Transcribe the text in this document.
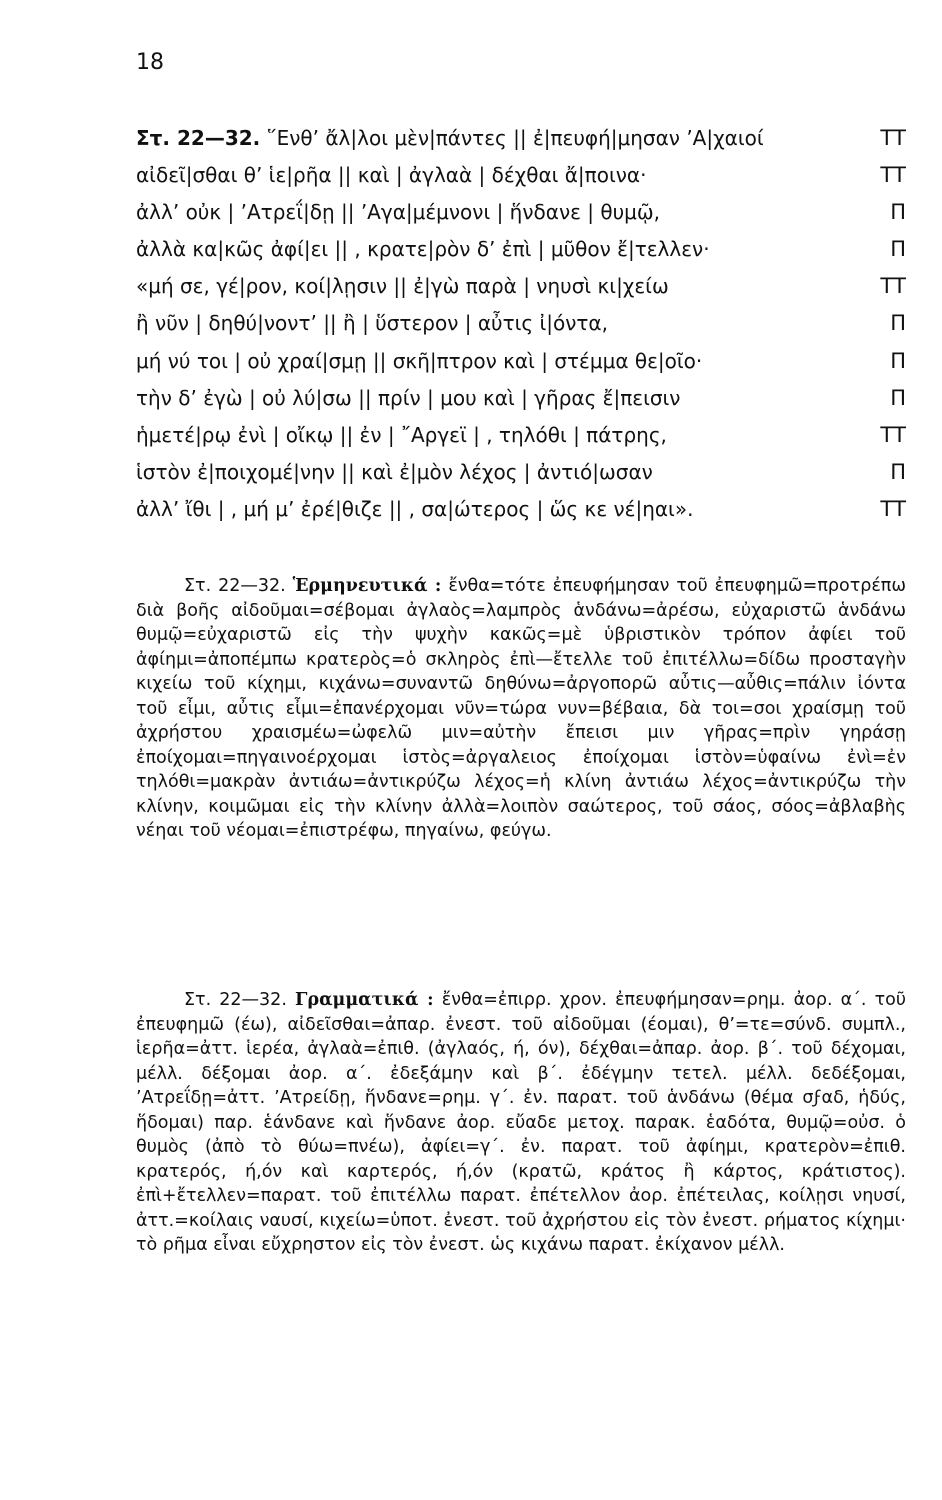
18
Στ. 22—32. ῞Ενθ’ ἄλ|λοι μὲν|πάντες || ἐ|πευφή|μησαν ’Α|χαιοί	ΤΤ
αἰδεῖ|σθαι θ’ ἱε|ρῆα || καὶ | ἀγλαὰ | δέχθαι ἄ|ποινα·	ΤΤ
ἀλλ’ οὐκ | ’Ατρεΐ|δῃ || ’Αγα|μέμνονι | ἥνδανε | θυμῷ,	Π
ἀλλὰ κα|κῶς ἀφί|ει || , κρατε|ρὸν δ’ ἐπὶ | μῦθον ἔ|τελλεν·	Π
«μή σε, γέ|ρον, κοί|λῃσιν || ἐ|γὼ παρὰ | νηυσὶ κι|χείω	ΤΤ
ἢ νῦν | δηθύ|νοντ’ || ἢ | ὕστερον | αὖτις ἰ|όντα,	Π
μή νύ τοι | οὐ χραί|σμῃ || σκῆ|πτρον καὶ | στέμμα θε|οῖο·	Π
τὴν δ’ ἐγὼ | οὐ λύ|σω || πρίν | μου καὶ | γῆρας ἔ|πεισιν	Π
ἡμετέ|ρῳ ἐνὶ | οἴκῳ || ἐν | ῎Αργεϊ | , τηλόθι | πάτρης,	ΤΤ
ἱστὸν ἐ|ποιχομέ|νην || καὶ ἐ|μὸν λέχος | ἀντιό|ωσαν	Π
ἀλλ’ ἴθι | , μή μ’ ἐρέ|θιζε || , σα|ώτερος | ὥς κε νέ|ηαι».	ΤΤ

Στ. 22—32. Ἑρμηνευτικά : ἔνθα=τότε ἐπευφήμησαν τοῦ ἐπευφημῶ=προτρέπω διὰ βοῆς αἰδοῦμαι=σέβομαι ἀγλαὸς=λαμπρὸς ἁνδάνω=ἀρέσω, εὐχαριστῶ ἁνδάνω θυμῷ=εὐχαριστῶ εἰς τὴν ψυχὴν κακῶς=μὲ ὑβριστικὸν τρόπον ἀφίει τοῦ ἀφίημι=ἀποπέμπω κρατερὸς=ὁ σκληρὸς ἐπὶ—ἔτελλε τοῦ ἐπιτέλλω=δίδω προσταγὴν κιχείω τοῦ κίχημι, κιχάνω=συναντῶ δηθύνω=ἀργοπορῶ αὖτις—αὖθις=πάλιν ἰόντα τοῦ εἶμι, αὖτις εἶμι=ἐπανέρχομαι νῦν=τώρα νυν=βέβαια, δὰ τοι=σοι χραίσμῃ τοῦ ἀχρήστου χραισμέω=ὠφελῶ μιν=αὐτὴν ἔπεισι μιν γῆρας=πρὶν γηράσῃ ἐποίχομαι=πηγαινοέρχομαι ἱστὸς=ἀργαλειος ἐποίχομαι ἱστὸν=ὑφαίνω ἐνὶ=ἐν τηλόθι=μακρὰν ἀντιάω=ἀντικρύζω λέχος=ἡ κλίνη ἀντιάω λέχος=ἀντικρύζω τὴν κλίνην, κοιμῶμαι εἰς τὴν κλίνην ἀλλὰ=λοιπὸν σαώτερος, τοῦ σάος, σόος=ἀβλαβὴς νέηαι τοῦ νέομαι=ἐπιστρέφω, πηγαίνω, φεύγω.

Στ. 22—32. Γραμματικά : ἔνθα=ἐπιρρ. χρον. ἐπευφήμησαν=ρημ. ἀορ. α΄. τοῦ ἐπευφημῶ (έω), αἰδεῖσθαι=ἀπαρ. ἐνεστ. τοῦ αἰδοῦμαι (έομαι), θ’=τε=σύνδ. συμπλ., ἱερῆα=ἀττ. ἱερέα, ἀγλαὰ=ἐπιθ. (ἀγλαός, ή, όν), δέχθαι=ἀπαρ. ἀορ. β΄. τοῦ δέχομαι, μέλλ. δέξομαι ἀορ. α΄. ἐδεξάμην καὶ β΄. ἐδέγμην τετελ. μέλλ. δεδέξομαι, ’Ατρεΐδῃ=ἀττ. ’Ατρείδῃ, ἥνδανε=ρημ. γ΄. ἐν. παρατ. τοῦ ἁνδάνω (θέμα σϝαδ, ἡδύς, ἥδομαι) παρ. ἑάνδανε καὶ ἥνδανε ἀορ. εὔαδε μετοχ. παρακ. ἑαδότα, θυμῷ=οὐσ. ὁ θυμὸς (ἀπὸ τὸ θύω=πνέω), ἀφίει=γ΄. ἐν. παρατ. τοῦ ἀφίημι, κρατερὸν=ἐπιθ. κρατερός, ή,όν καὶ καρτερός, ή,όν (κρατῶ, κράτος ἢ κάρτος, κράτιστος). ἐπὶ+ἔτελλεν=παρατ. τοῦ ἐπιτέλλω παρατ. ἐπέτελλον ἀορ. ἐπέτειλας, κοίλῃσι νηυσί, ἀττ.=κοίλαις ναυσί, κιχείω=ὑποτ. ἐνεστ. τοῦ ἀχρήστου εἰς τὸν ἐνεστ. ρήματος κίχημι· τὸ ρῆμα εἶναι εὔχρηστον εἰς τὸν ἐνεστ. ὡς κιχάνω παρατ. ἐκίχανον μέλλ.
